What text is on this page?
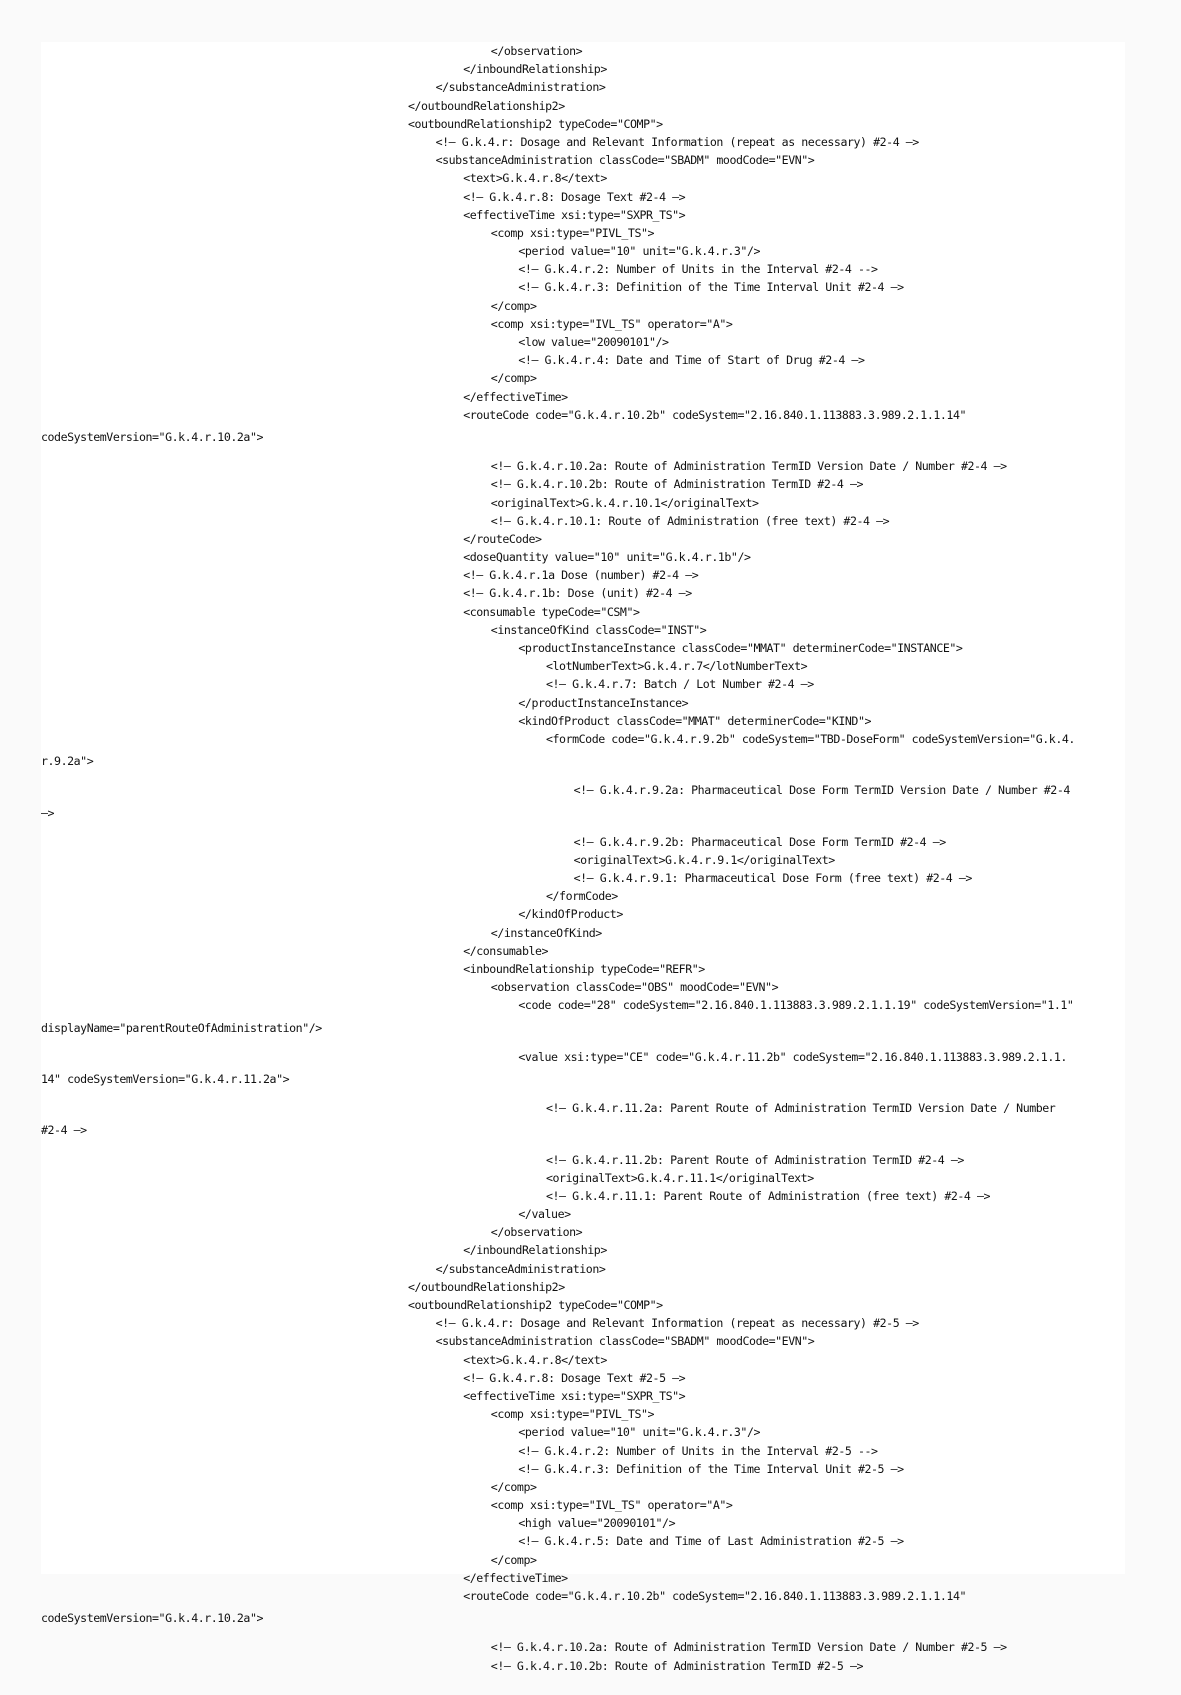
</observation>
</inboundRelationship>
</substanceAdministration>
</outboundRelationship2>
<outboundRelationship2 typeCode="COMP">
<!— G.k.4.r: Dosage and Relevant Information (repeat as necessary) #2-4 —>
<substanceAdministration classCode="SBADM" moodCode="EVN">
<text>G.k.4.r.8</text>
<!— G.k.4.r.8: Dosage Text #2-4 —>
<effectiveTime xsi:type="SXPR_TS">
<comp xsi:type="PIVL_TS">
<period value="10" unit="G.k.4.r.3"/>
<!— G.k.4.r.2: Number of Units in the Interval #2-4 -->
<!— G.k.4.r.3: Definition of the Time Interval Unit #2-4 —>
</comp>
<comp xsi:type="IVL_TS" operator="A">
<low value="20090101"/>
<!— G.k.4.r.4: Date and Time of Start of Drug #2-4 —>
</comp>
</effectiveTime>
<routeCode code="G.k.4.r.10.2b" codeSystem="2.16.840.1.113883.3.989.2.1.1.14"
codeSystemVersion="G.k.4.r.10.2a">
<!— G.k.4.r.10.2a: Route of Administration TermID Version Date / Number #2-4 —>
<!— G.k.4.r.10.2b: Route of Administration TermID #2-4 —>
<originalText>G.k.4.r.10.1</originalText>
<!— G.k.4.r.10.1: Route of Administration (free text) #2-4 —>
</routeCode>
<doseQuantity value="10" unit="G.k.4.r.1b"/>
<!— G.k.4.r.1a Dose (number) #2-4 —>
<!— G.k.4.r.1b: Dose (unit) #2-4 —>
<consumable typeCode="CSM">
<instanceOfKind classCode="INST">
<productInstanceInstance classCode="MMAT" determinerCode="INSTANCE">
<lotNumberText>G.k.4.r.7</lotNumberText>
<!— G.k.4.r.7: Batch / Lot Number #2-4 —>
</productInstanceInstance>
<kindOfProduct classCode="MMAT" determinerCode="KIND">
<formCode code="G.k.4.r.9.2b" codeSystem="TBD-DoseForm" codeSystemVersion="G.k.4.
r.9.2a">
<!— G.k.4.r.9.2a: Pharmaceutical Dose Form TermID Version Date / Number #2-4
—>
<!— G.k.4.r.9.2b: Pharmaceutical Dose Form TermID #2-4 —>
<originalText>G.k.4.r.9.1</originalText>
<!— G.k.4.r.9.1: Pharmaceutical Dose Form (free text) #2-4 —>
</formCode>
</kindOfProduct>
</instanceOfKind>
</consumable>
<inboundRelationship typeCode="REFR">
<observation classCode="OBS" moodCode="EVN">
<code code="28" codeSystem="2.16.840.1.113883.3.989.2.1.1.19" codeSystemVersion="1.1"
displayName="parentRouteOfAdministration"/>
<value xsi:type="CE" code="G.k.4.r.11.2b" codeSystem="2.16.840.1.113883.3.989.2.1.1.
14" codeSystemVersion="G.k.4.r.11.2a">
<!— G.k.4.r.11.2a: Parent Route of Administration TermID Version Date / Number
#2-4 —>
<!— G.k.4.r.11.2b: Parent Route of Administration TermID #2-4 —>
<originalText>G.k.4.r.11.1</originalText>
<!— G.k.4.r.11.1: Parent Route of Administration (free text) #2-4 —>
</value>
</observation>
</inboundRelationship>
</substanceAdministration>
</outboundRelationship2>
<outboundRelationship2 typeCode="COMP">
<!— G.k.4.r: Dosage and Relevant Information (repeat as necessary) #2-5 —>
<substanceAdministration classCode="SBADM" moodCode="EVN">
<text>G.k.4.r.8</text>
<!— G.k.4.r.8: Dosage Text #2-5 —>
<effectiveTime xsi:type="SXPR_TS">
<comp xsi:type="PIVL_TS">
<period value="10" unit="G.k.4.r.3"/>
<!— G.k.4.r.2: Number of Units in the Interval #2-5 -->
<!— G.k.4.r.3: Definition of the Time Interval Unit #2-5 —>
</comp>
<comp xsi:type="IVL_TS" operator="A">
<high value="20090101"/>
<!— G.k.4.r.5: Date and Time of Last Administration #2-5 —>
</comp>
</effectiveTime>
<routeCode code="G.k.4.r.10.2b" codeSystem="2.16.840.1.113883.3.989.2.1.1.14"
codeSystemVersion="G.k.4.r.10.2a">
<!— G.k.4.r.10.2a: Route of Administration TermID Version Date / Number #2-5 —>
<!— G.k.4.r.10.2b: Route of Administration TermID #2-5 —>
